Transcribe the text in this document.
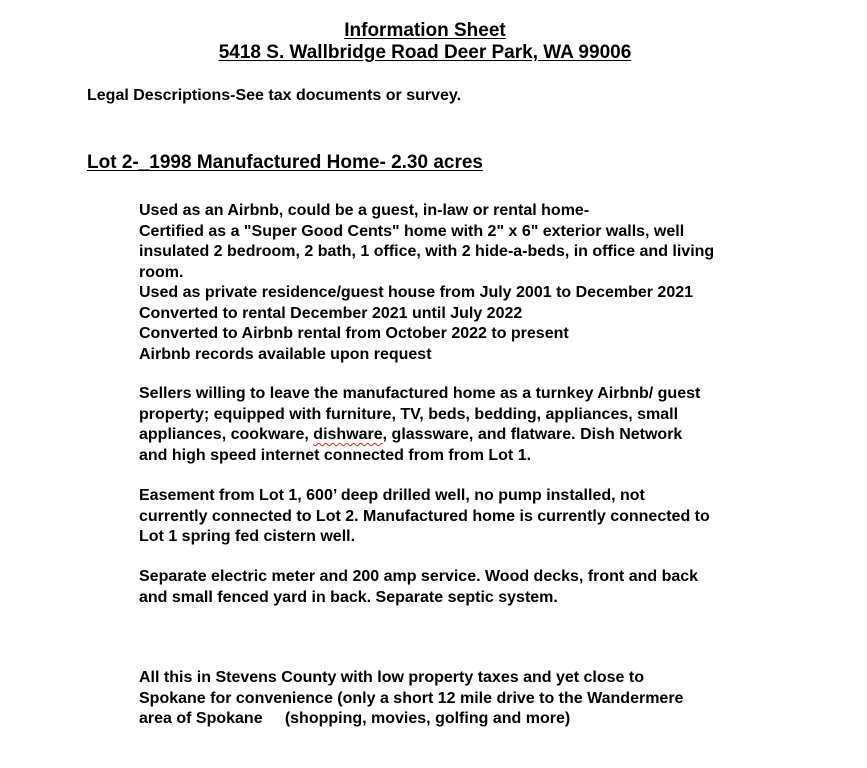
Information Sheet
5418 S. Wallbridge Road Deer Park, WA 99006
Legal Descriptions-See tax documents or survey.
Lot 2-_1998 Manufactured Home- 2.30 acres
Used as an Airbnb, could be a guest, in-law or rental home-
Certified as a "Super Good Cents" home with 2" x 6" exterior walls, well
insulated 2 bedroom, 2 bath, 1 office, with 2 hide-a-beds, in office and living
room.
Used as private residence/guest house from July 2001 to December 2021
Converted to rental December 2021 until July 2022
Converted to Airbnb rental from October 2022 to present
Airbnb records available upon request
Sellers willing to leave the manufactured home as a turnkey Airbnb/ guest
property; equipped with furniture, TV, beds, bedding, appliances, small
appliances, cookware, dishware, glassware, and flatware. Dish Network
and high speed internet connected from from Lot 1.
Easement from Lot 1, 600’ deep drilled well, no pump installed, not
currently connected to Lot 2. Manufactured home is currently connected to
Lot 1 spring fed cistern well.
Separate electric meter and 200 amp service. Wood decks, front and back
and small fenced yard in back. Separate septic system.
All this in Stevens County with low property taxes and yet close to
Spokane for convenience (only a short 12 mile drive to the Wandermere
area of Spokane     (shopping, movies, golfing and more)
